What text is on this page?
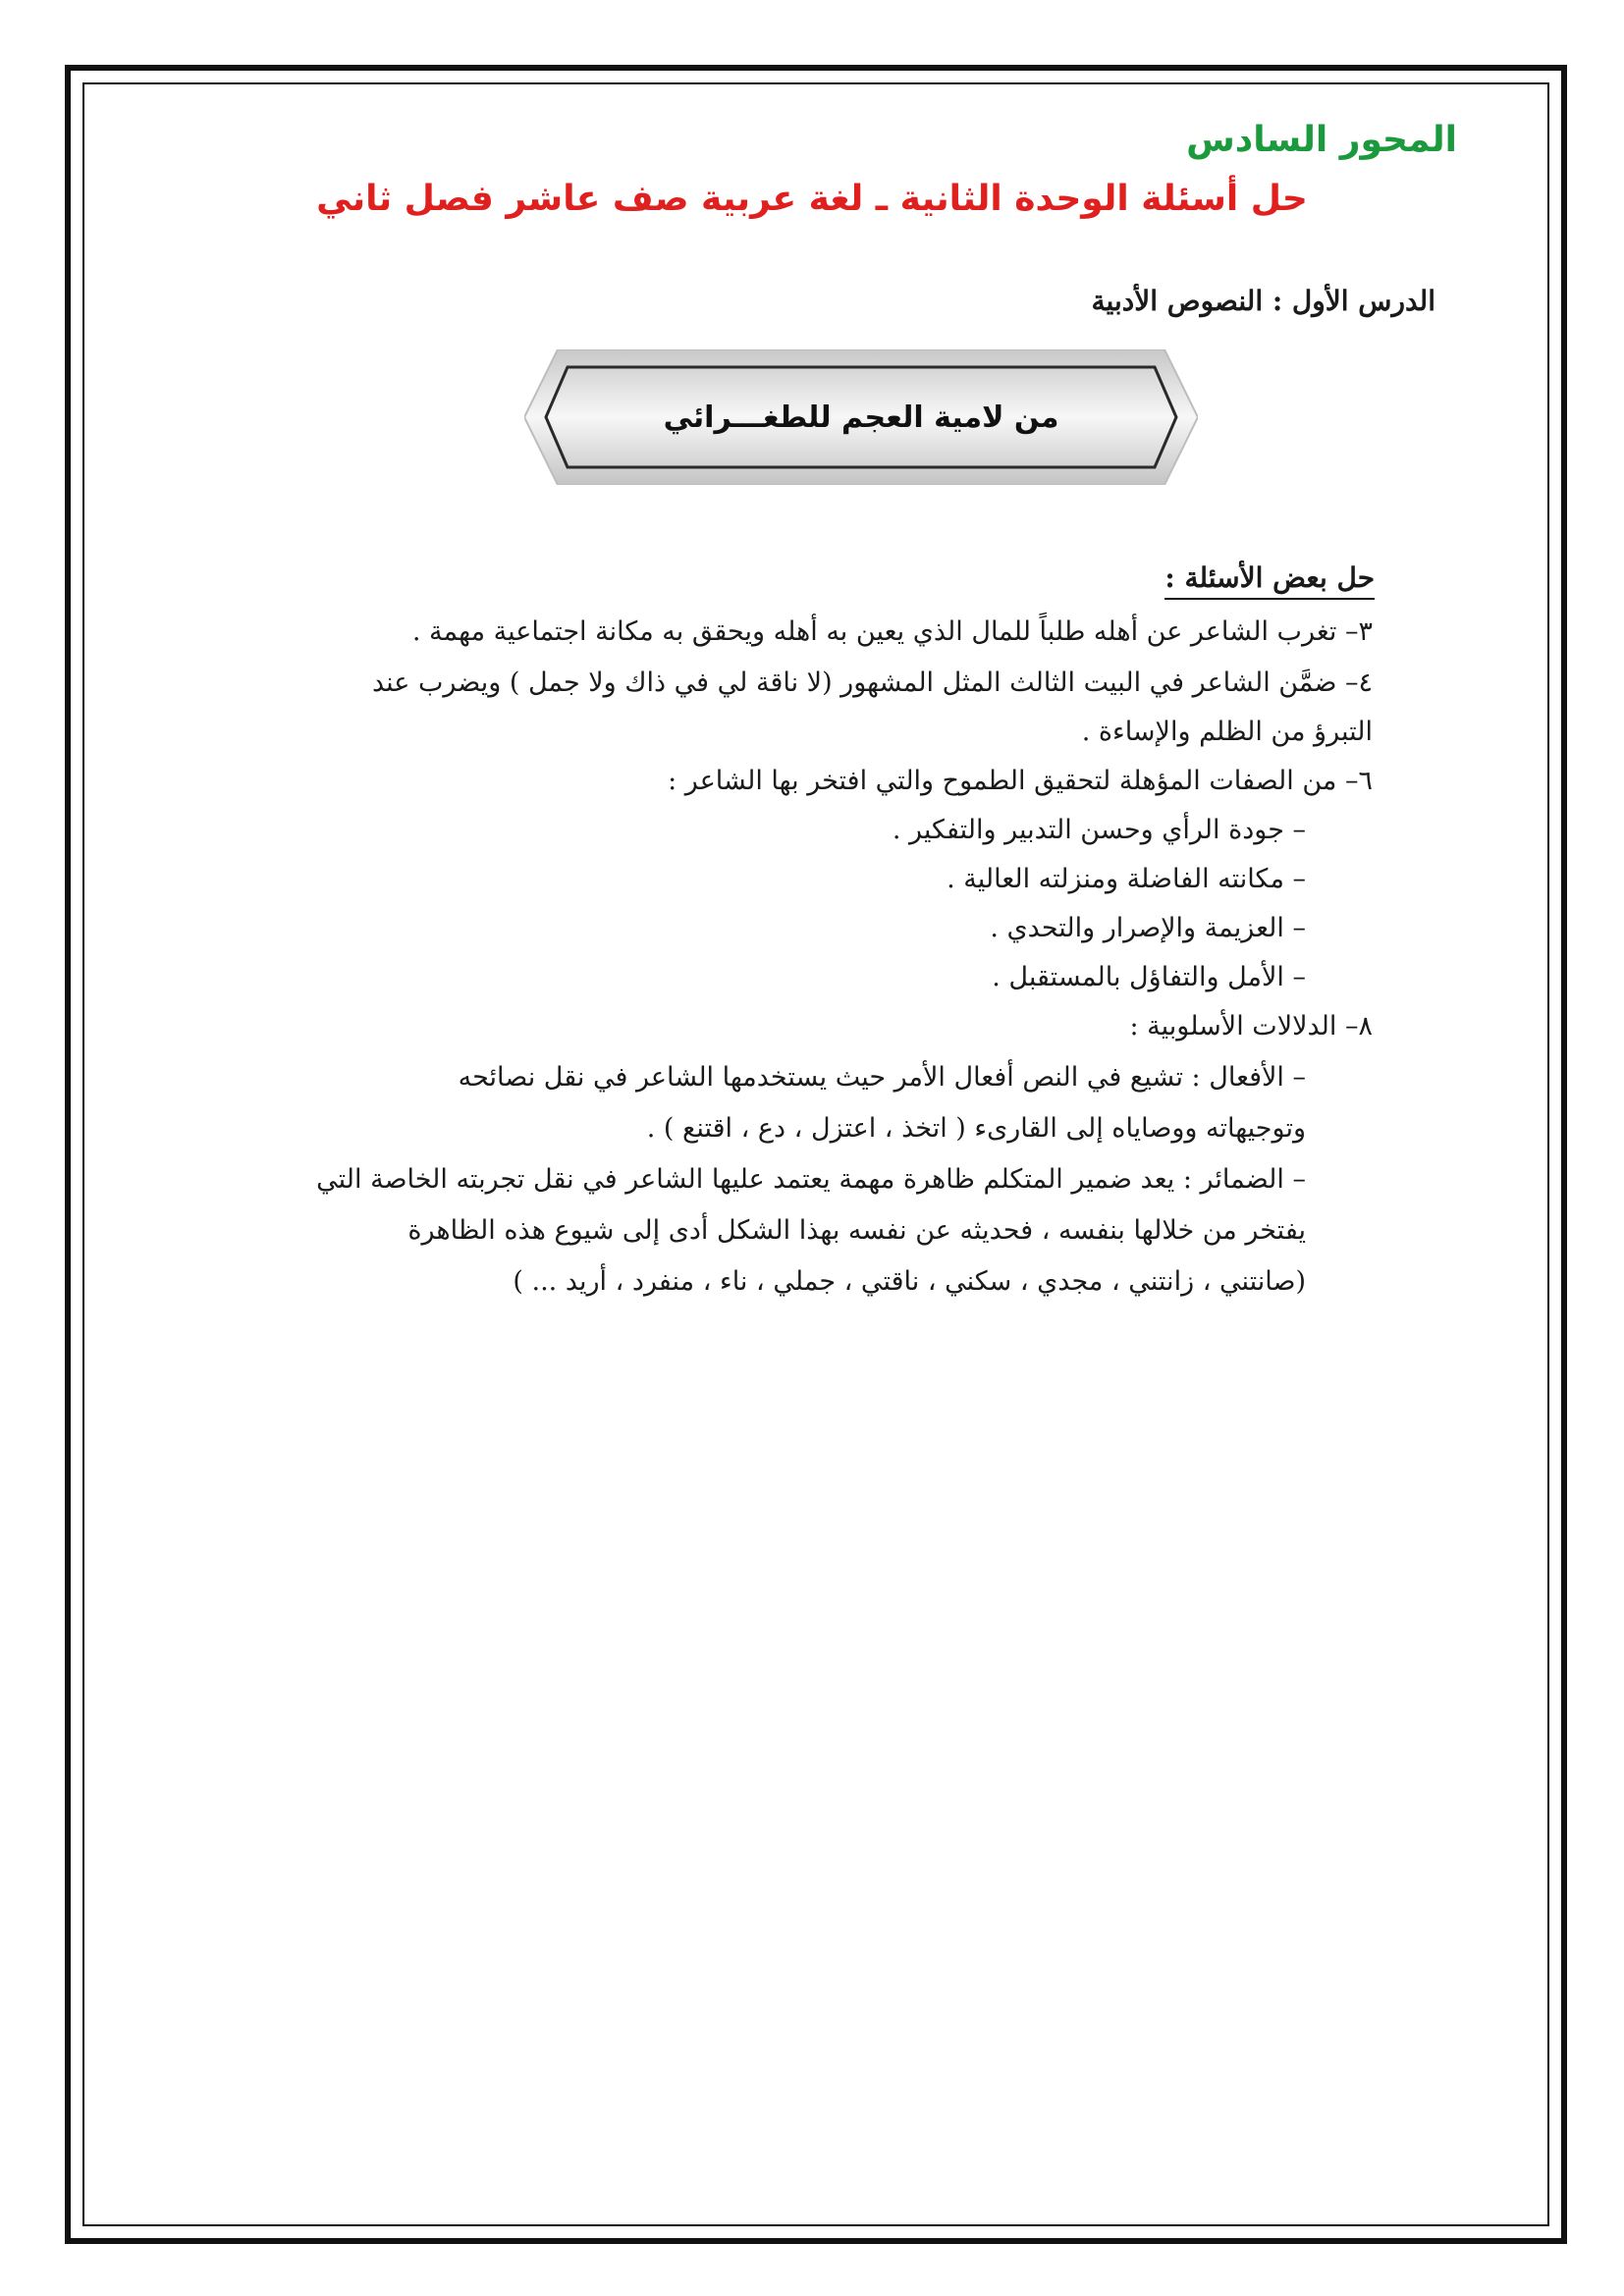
المحور السادس
حل أسئلة الوحدة الثانية ـ لغة عربية صف عاشر فصل ثاني
الدرس الأول : النصوص الأدبية
من لامية العجم للطغـــرائي
حل بعض الأسئلة :

٣– تغرب الشاعر عن أهله طلباً للمال الذي يعين به أهله ويحقق به مكانة اجتماعية مهمة .

٤– ضمَّن الشاعر في البيت الثالث المثل المشهور (لا ناقة لي في ذاك ولا جمل ) ويضرب عند

التبرؤ من الظلم والإساءة .

٦– من الصفات المؤهلة لتحقيق الطموح والتي افتخر بها الشاعر :

– جودة الرأي وحسن التدبير والتفكير .

– مكانته الفاضلة ومنزلته العالية .

– العزيمة والإصرار والتحدي .

– الأمل والتفاؤل بالمستقبل .

٨– الدلالات الأسلوبية :

– الأفعال : تشيع في النص أفعال الأمر حيث يستخدمها الشاعر في نقل نصائحه

وتوجيهاته ووصاياه إلى القارىء ( اتخذ ، اعتزل ، دع ، اقتنع ) .

– الضمائر : يعد ضمير المتكلم ظاهرة مهمة يعتمد عليها الشاعر في نقل تجربته الخاصة التي

يفتخر من خلالها بنفسه ، فحديثه عن نفسه بهذا الشكل أدى إلى شيوع هذه الظاهرة

(صانتني ، زانتني ، مجدي ، سكني ، ناقتي ، جملي ، ناء ، منفرد ، أريد ... )
